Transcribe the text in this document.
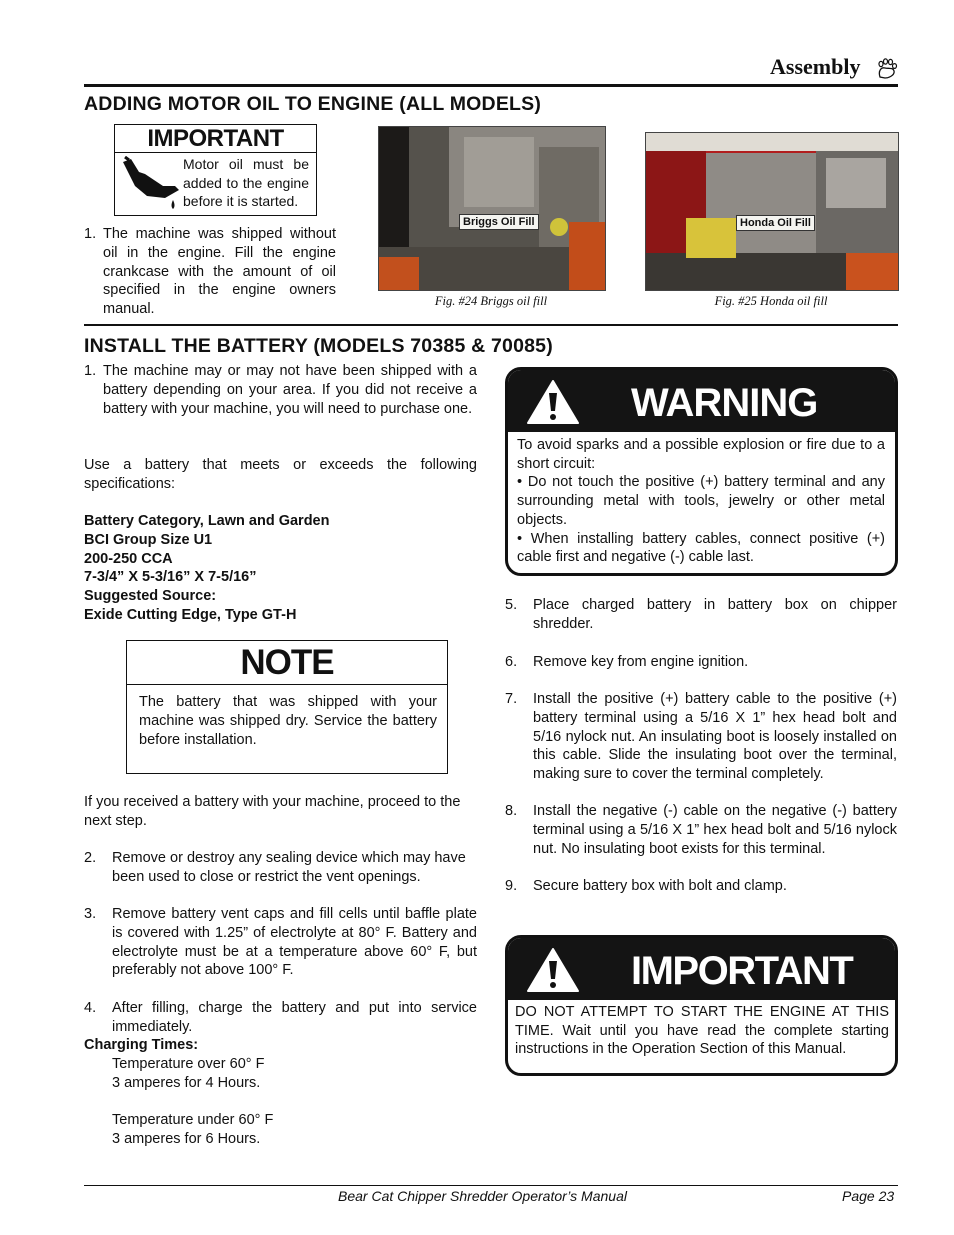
Assembly
ADDING MOTOR OIL TO ENGINE (ALL MODELS)
IMPORTANT
Motor oil must be added to the engine before it is started.
1. The machine was shipped without oil in the engine. Fill the engine crankcase with the amount of oil specified in the engine owners manual.
Briggs Oil Fill
Fig. #24 Briggs oil fill
Honda Oil Fill
Fig. #25 Honda oil fill
INSTALL THE BATTERY (MODELS 70385 & 70085)
1. The machine may or may not have been shipped with a battery depending on your area. If you did not receive a battery with your machine, you will need to purchase one.
Use a battery that meets or exceeds the following specifications:
Battery Category, Lawn and Garden
BCI Group Size U1
200-250 CCA
7-3/4” X 5-3/16” X 7-5/16”
Suggested Source:
Exide Cutting Edge, Type GT-H
NOTE
The battery that was shipped with your machine was shipped dry. Service the battery before installation.
If you received a battery with your machine, proceed to the next step.
2. Remove or destroy any sealing device which may have been used to close or restrict the vent openings.
3. Remove battery vent caps and fill cells until baffle plate is covered with 1.25” of electrolyte at 80° F. Battery and electrolyte must be at a temperature above 60° F, but preferably not above 100° F.
4. After filling, charge the battery and put into service immediately.
Charging Times:
Temperature over 60° F
3 amperes for 4 Hours.
Temperature under 60° F
3 amperes for 6 Hours.
WARNING
To avoid sparks and a possible explosion or fire due to a short circuit:
• Do not touch the positive (+) battery terminal and any surrounding metal with tools, jewelry or other metal objects.
• When installing battery cables, connect positive (+) cable first and negative (-) cable last.
5. Place charged battery in battery box on chipper shredder.
6. Remove key from engine ignition.
7. Install the positive (+) battery cable to the positive (+) battery terminal using a 5/16 X 1” hex head bolt and 5/16 nylock nut. An insulating boot is loosely installed on this cable. Slide the insulating boot over the terminal, making sure to cover the terminal completely.
8. Install the negative (-) cable on the negative (-) battery terminal using a 5/16 X 1” hex head bolt and 5/16 nylock nut. No insulating boot exists for this terminal.
9. Secure battery box with bolt and clamp.
IMPORTANT
DO NOT ATTEMPT TO START THE ENGINE AT THIS TIME. Wait until you have read the complete starting instructions in the Operation Section of this Manual.
Bear Cat Chipper Shredder Operator’s Manual	Page 23
